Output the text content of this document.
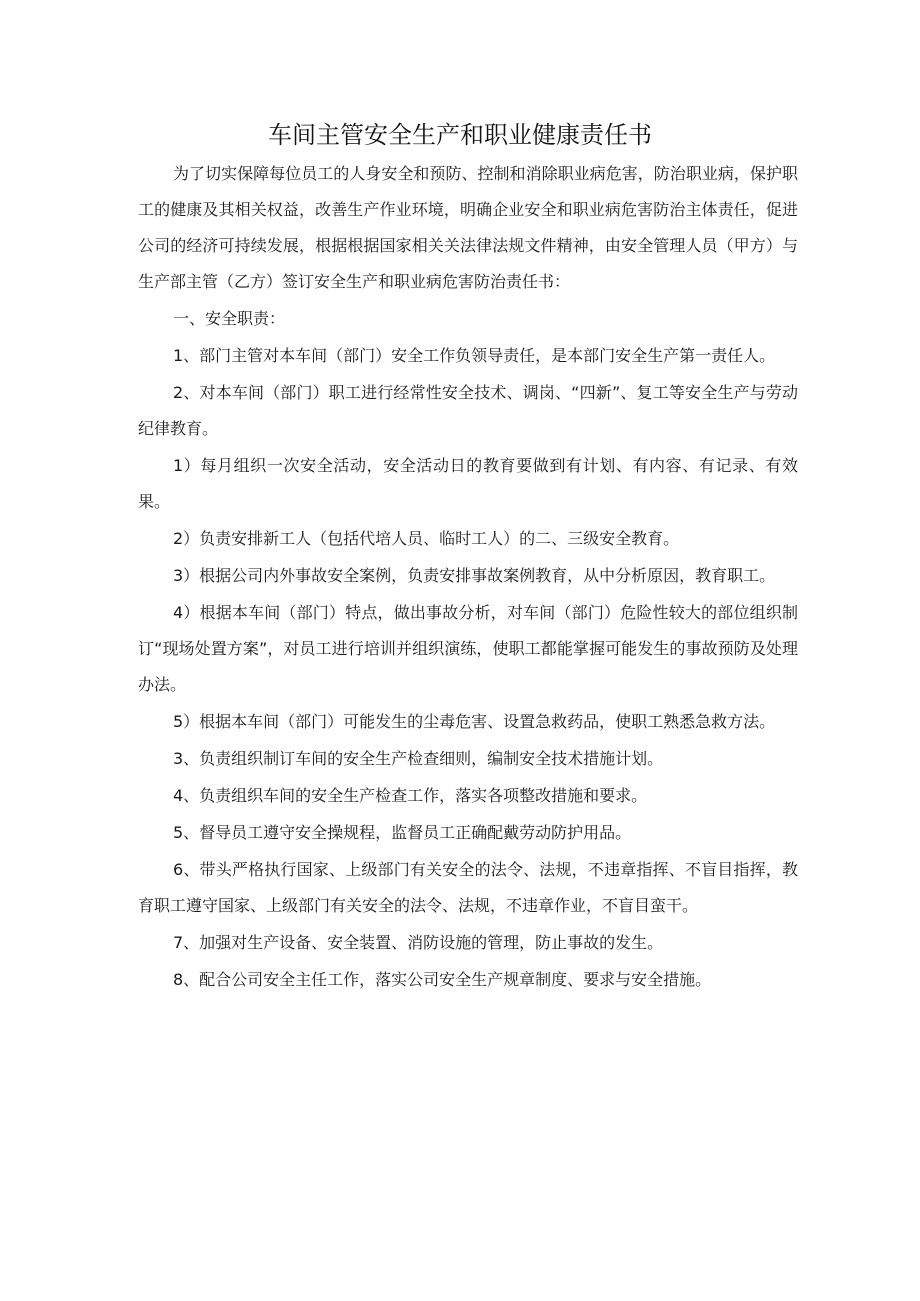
车间主管安全生产和职业健康责任书

为了切实保障每位员工的人身安全和预防、控制和消除职业病危害，防治职业病，保护职工的健康及其相关权益，改善生产作业环境，明确企业安全和职业病危害防治主体责任，促进公司的经济可持续发展，根据根据国家相关关法律法规文件精神，由安全管理人员（甲方）与生产部主管（乙方）签订安全生产和职业病危害防治责任书：

一、安全职责：

1、部门主管对本车间（部门）安全工作负领导责任，是本部门安全生产第一责任人。

2、对本车间（部门）职工进行经常性安全技术、调岗、“四新”、复工等安全生产与劳动纪律教育。

1）每月组织一次安全活动，安全活动日的教育要做到有计划、有内容、有记录、有效果。

2）负责安排新工人（包括代培人员、临时工人）的二、三级安全教育。

3）根据公司内外事故安全案例，负责安排事故案例教育，从中分析原因，教育职工。

4）根据本车间（部门）特点，做出事故分析，对车间（部门）危险性较大的部位组织制订“现场处置方案”，对员工进行培训并组织演练，使职工都能掌握可能发生的事故预防及处理办法。

5）根据本车间（部门）可能发生的尘毒危害、设置急救药品，使职工熟悉急救方法。

3、负责组织制订车间的安全生产检查细则，编制安全技术措施计划。

4、负责组织车间的安全生产检查工作，落实各项整改措施和要求。

5、督导员工遵守安全操规程，监督员工正确配戴劳动防护用品。

6、带头严格执行国家、上级部门有关安全的法令、法规，不违章指挥、不盲目指挥，教育职工遵守国家、上级部门有关安全的法令、法规，不违章作业，不盲目蛮干。

7、加强对生产设备、安全装置、消防设施的管理，防止事故的发生。

8、配合公司安全主任工作，落实公司安全生产规章制度、要求与安全措施。
